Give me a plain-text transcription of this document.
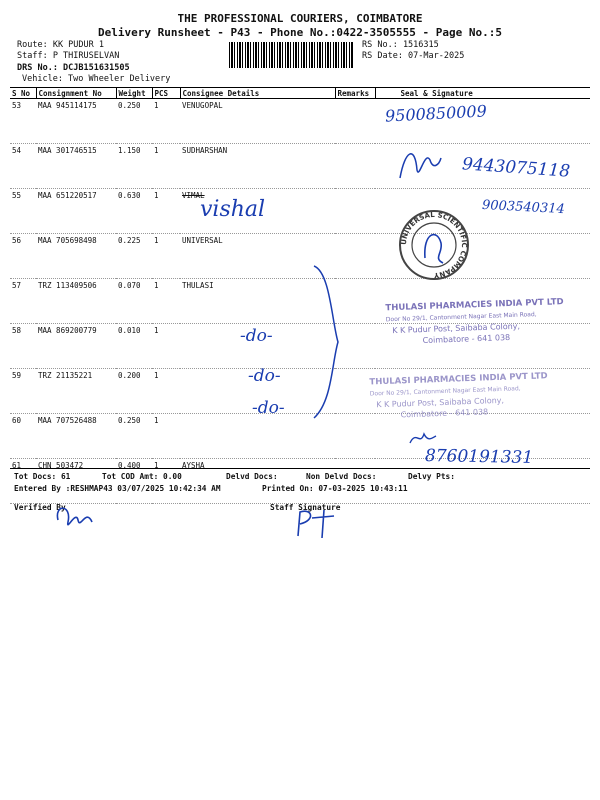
THE PROFESSIONAL COURIERS, COIMBATORE
Delivery Runsheet - P43 - Phone No.:0422-3505555 - Page No.:5
Route: KK PUDUR 1
Staff: P THIRUSELVAN
DRS No.: DCJB151631505
Vehicle: Two Wheeler Delivery
RS No.: 1516315
RS Date: 07-Mar-2025
S No	Consignment No	Weight	PCS	Consignee Details	Remarks	Seal & Signature
53	MAA 945114175	0.250	1	VENUGOPAL		
54	MAA 301746515	1.150	1	SUDHARSHAN		
55	MAA 651220517	0.630	1	VIMAL		
56	MAA 705698498	0.225	1	UNIVERSAL		
57	TRZ 113409506	0.070	1	THULASI		
58	MAA 869200779	0.010	1			
59	TRZ 21135221	0.200	1			
60	MAA 707526488	0.250	1			
61	CHN 503472	0.400	1	AYSHA		
9500850009
9443075118
9003540314
vishal
-do-
-do-
-do-
8760191331
UNIVERSAL SCIENTIFIC COMPANY
THULASI PHARMACIES INDIA PVT LTD
Door No 29/1, Cantonment Nagar East Main Road,
K K Pudur Post, Saibaba Colony,
Coimbatore - 641 038
THULASI PHARMACIES INDIA PVT LTD
Door No 29/1, Cantonment Nagar East Main Road,
K K Pudur Post, Saibaba Colony,
Coimbatore - 641 038
Tot Docs: 61	Tot COD Amt: 0.00	Delvd Docs:	Non Delvd Docs:	Delvy Pts:
Entered By :RESHMAP43 03/07/2025 10:42:34 AM	Printed On: 07-03-2025 10:43:11
Verified By	Staff Signature
